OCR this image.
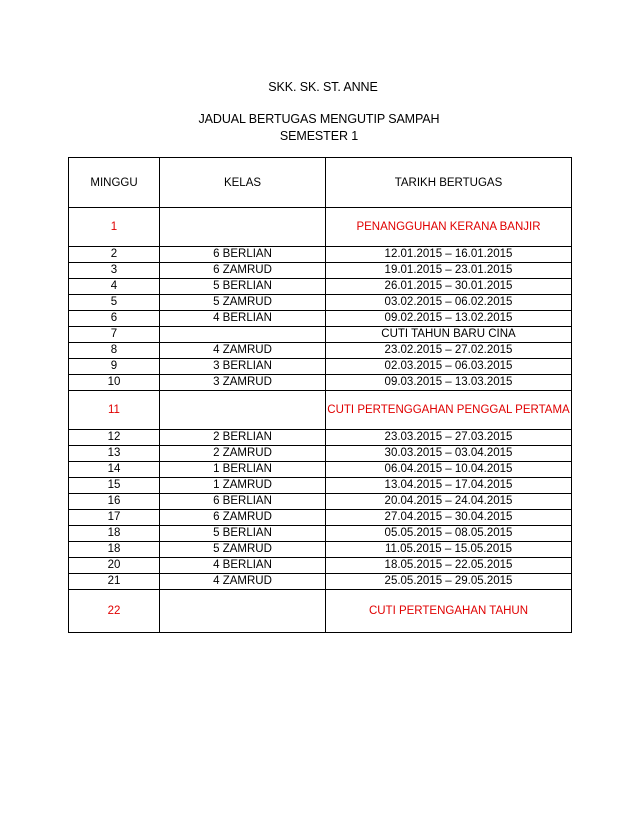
SKK. SK. ST. ANNE
JADUAL BERTUGAS MENGUTIP SAMPAH
SEMESTER 1
MINGGU	KELAS	TARIKH BERTUGAS
1		PENANGGUHAN KERANA BANJIR
2	6 BERLIAN	12.01.2015 – 16.01.2015
3	6 ZAMRUD	19.01.2015 – 23.01.2015
4	5 BERLIAN	26.01.2015 – 30.01.2015
5	5 ZAMRUD	03.02.2015 – 06.02.2015
6	4 BERLIAN	09.02.2015 – 13.02.2015
7		CUTI TAHUN BARU CINA
8	4 ZAMRUD	23.02.2015 – 27.02.2015
9	3 BERLIAN	02.03.2015 – 06.03.2015
10	3 ZAMRUD	09.03.2015 – 13.03.2015
11		CUTI PERTENGGAHAN PENGGAL PERTAMA
12	2 BERLIAN	23.03.2015 – 27.03.2015
13	2 ZAMRUD	30.03.2015 – 03.04.2015
14	1 BERLIAN	06.04.2015 – 10.04.2015
15	1 ZAMRUD	13.04.2015 – 17.04.2015
16	6 BERLIAN	20.04.2015 – 24.04.2015
17	6 ZAMRUD	27.04.2015 – 30.04.2015
18	5 BERLIAN	05.05.2015 – 08.05.2015
18	5 ZAMRUD	11.05.2015 – 15.05.2015
20	4 BERLIAN	18.05.2015 – 22.05.2015
21	4 ZAMRUD	25.05.2015 – 29.05.2015
22		CUTI PERTENGAHAN TAHUN
